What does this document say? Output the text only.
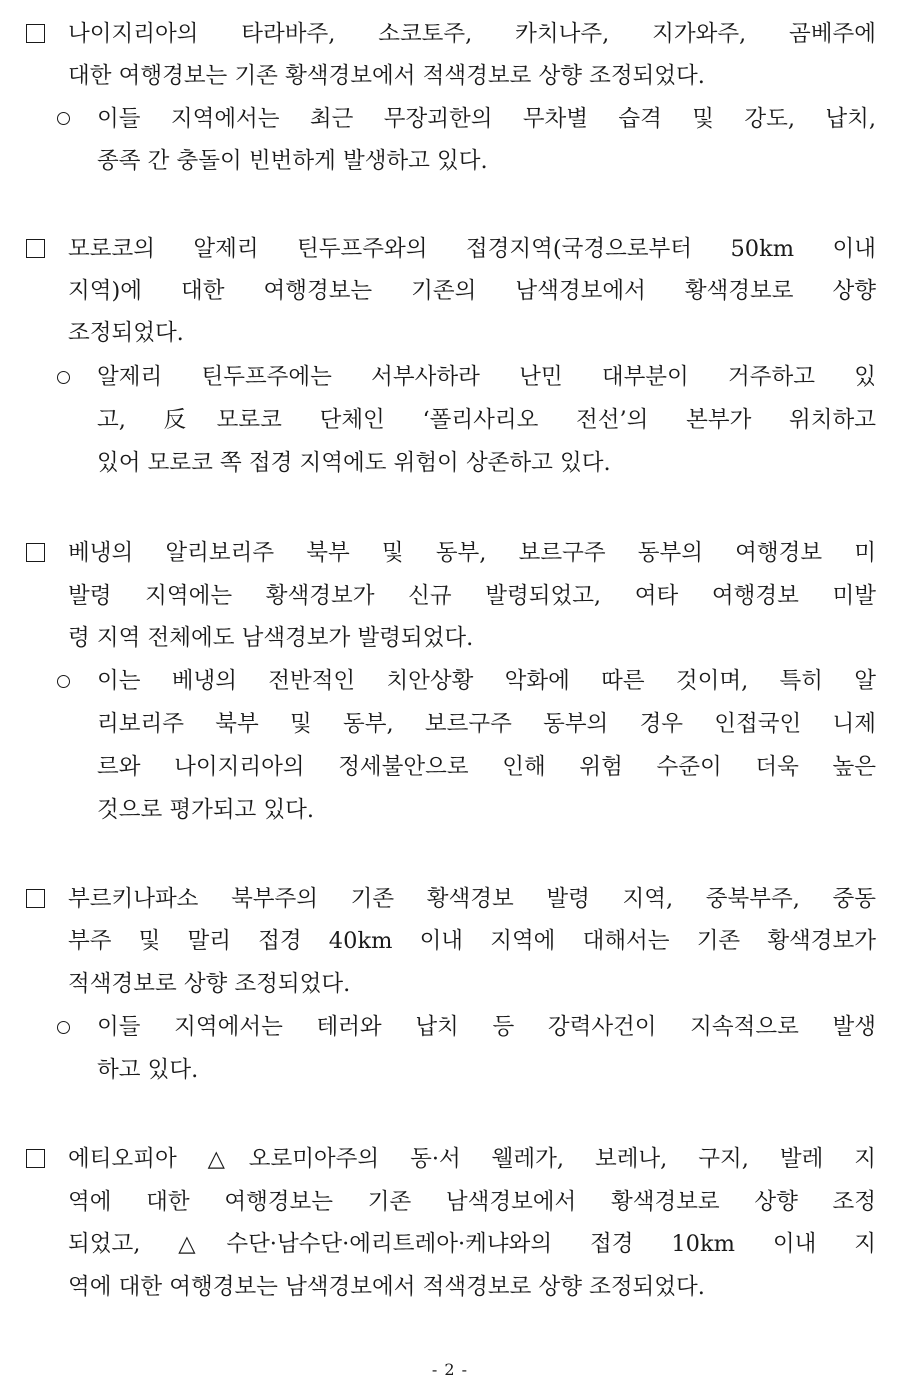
나이지리아의 타라바주, 소코토주, 카치나주, 지가와주, 곰베주에
대한 여행경보는 기존 황색경보에서 적색경보로 상향 조정되었다.
이들 지역에서는 최근 무장괴한의 무차별 습격 및 강도, 납치,
종족 간 충돌이 빈번하게 발생하고 있다.
모로코의 알제리 틴두프주와의 접경지역(국경으로부터 50km 이내
지역)에 대한 여행경보는 기존의 남색경보에서 황색경보로 상향
조정되었다.
알제리 틴두프주에는 서부사하라 난민 대부분이 거주하고 있
고, 反모로코 단체인 ‘폴리사리오 전선’의 본부가 위치하고
있어 모로코 쪽 접경 지역에도 위험이 상존하고 있다.
베냉의 알리보리주 북부 및 동부, 보르구주 동부의 여행경보 미
발령 지역에는 황색경보가 신규 발령되었고, 여타 여행경보 미발
령 지역 전체에도 남색경보가 발령되었다.
이는 베냉의 전반적인 치안상황 악화에 따른 것이며, 특히 알
리보리주 북부 및 동부, 보르구주 동부의 경우 인접국인 니제
르와 나이지리아의 정세불안으로 인해 위험 수준이 더욱 높은
것으로 평가되고 있다.
부르키나파소 북부주의 기존 황색경보 발령 지역, 중북부주, 중동
부주 및 말리 접경 40km 이내 지역에 대해서는 기존 황색경보가
적색경보로 상향 조정되었다.
이들 지역에서는 테러와 납치 등 강력사건이 지속적으로 발생
하고 있다.
에티오피아 △오로미아주의 동·서 웰레가, 보레나, 구지, 발레 지
역에 대한 여행경보는 기존 남색경보에서 황색경보로 상향 조정
되었고, △수단·남수단·에리트레아·케냐와의 접경 10km 이내 지
역에 대한 여행경보는 남색경보에서 적색경보로 상향 조정되었다.
- 2 -
